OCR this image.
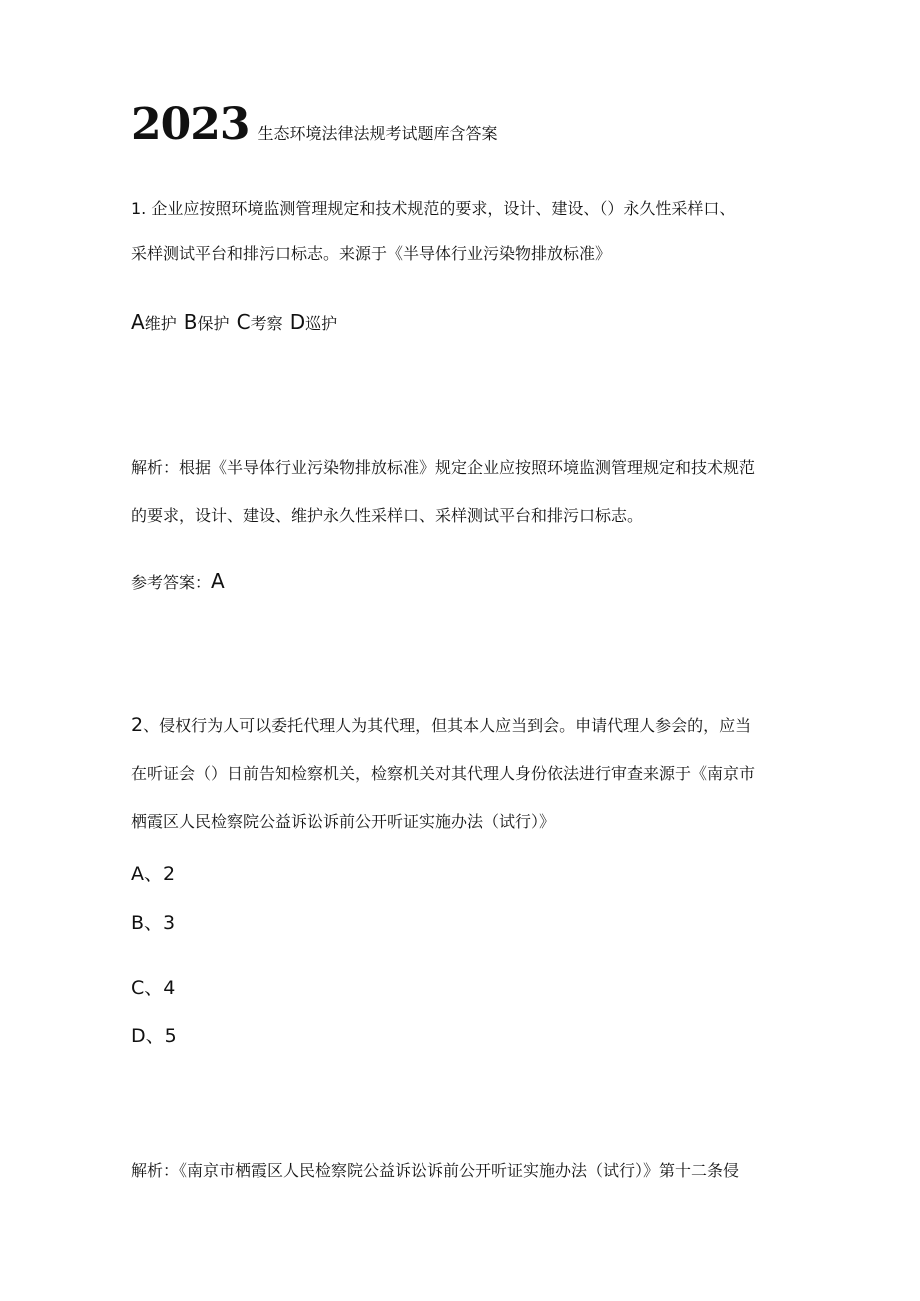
2023 生态环境法律法规考试题库含答案
1. 企业应按照环境监测管理规定和技术规范的要求，设计、建设、（）永久性采样口、
采样测试平台和排污口标志。来源于《半导体行业污染物排放标准》
A维护 B保护 C考察 D巡护
解析：根据《半导体行业污染物排放标准》规定企业应按照环境监测管理规定和技术规范
的要求，设计、建设、维护永久性采样口、采样测试平台和排污口标志。
参考答案：A
2、侵权行为人可以委托代理人为其代理，但其本人应当到会。申请代理人参会的，应当
在听证会（）日前告知检察机关，检察机关对其代理人身份依法进行审查来源于《南京市
栖霞区人民检察院公益诉讼诉前公开听证实施办法（试行）》
A、2
B、3
C、4
D、5
解析：《南京市栖霞区人民检察院公益诉讼诉前公开听证实施办法（试行）》第十二条侵
